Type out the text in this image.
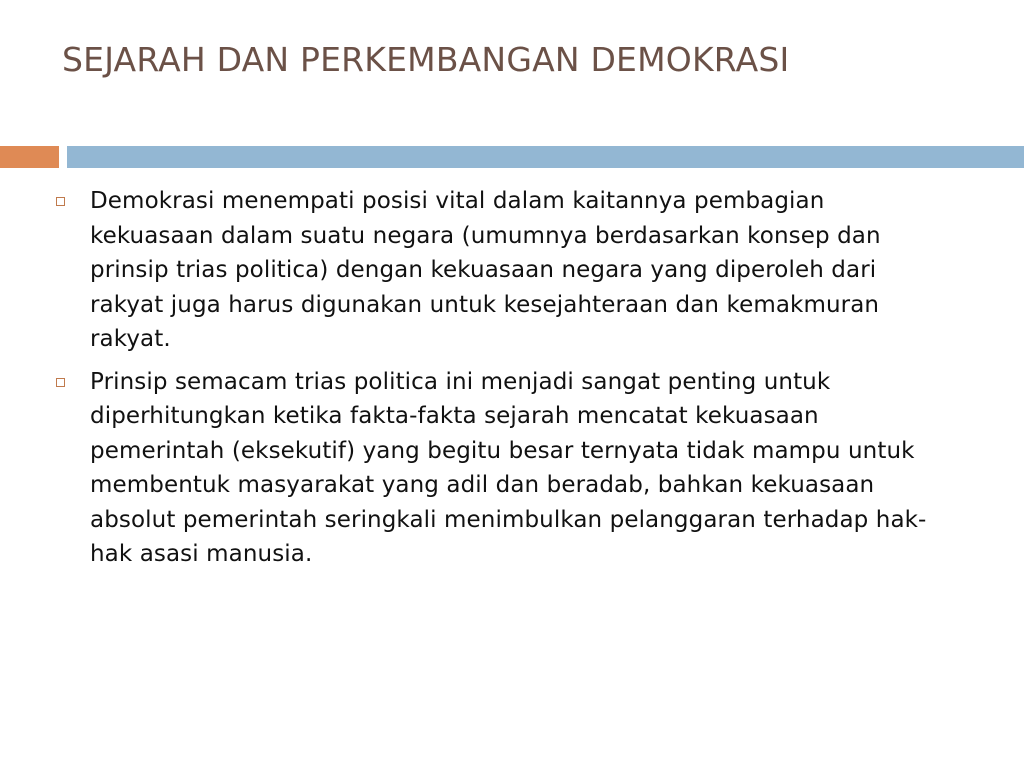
SEJARAH DAN PERKEMBANGAN DEMOKRASI
Demokrasi menempati posisi vital dalam kaitannya pembagian kekuasaan dalam suatu negara (umumnya berdasarkan konsep dan prinsip trias politica) dengan kekuasaan negara yang diperoleh dari rakyat juga harus digunakan untuk kesejahteraan dan kemakmuran rakyat.
Prinsip semacam trias politica ini menjadi sangat penting untuk diperhitungkan ketika fakta-fakta sejarah mencatat kekuasaan pemerintah (eksekutif) yang begitu besar ternyata tidak mampu untuk membentuk masyarakat yang adil dan beradab, bahkan kekuasaan absolut pemerintah seringkali menimbulkan pelanggaran terhadap hak-hak asasi manusia.
